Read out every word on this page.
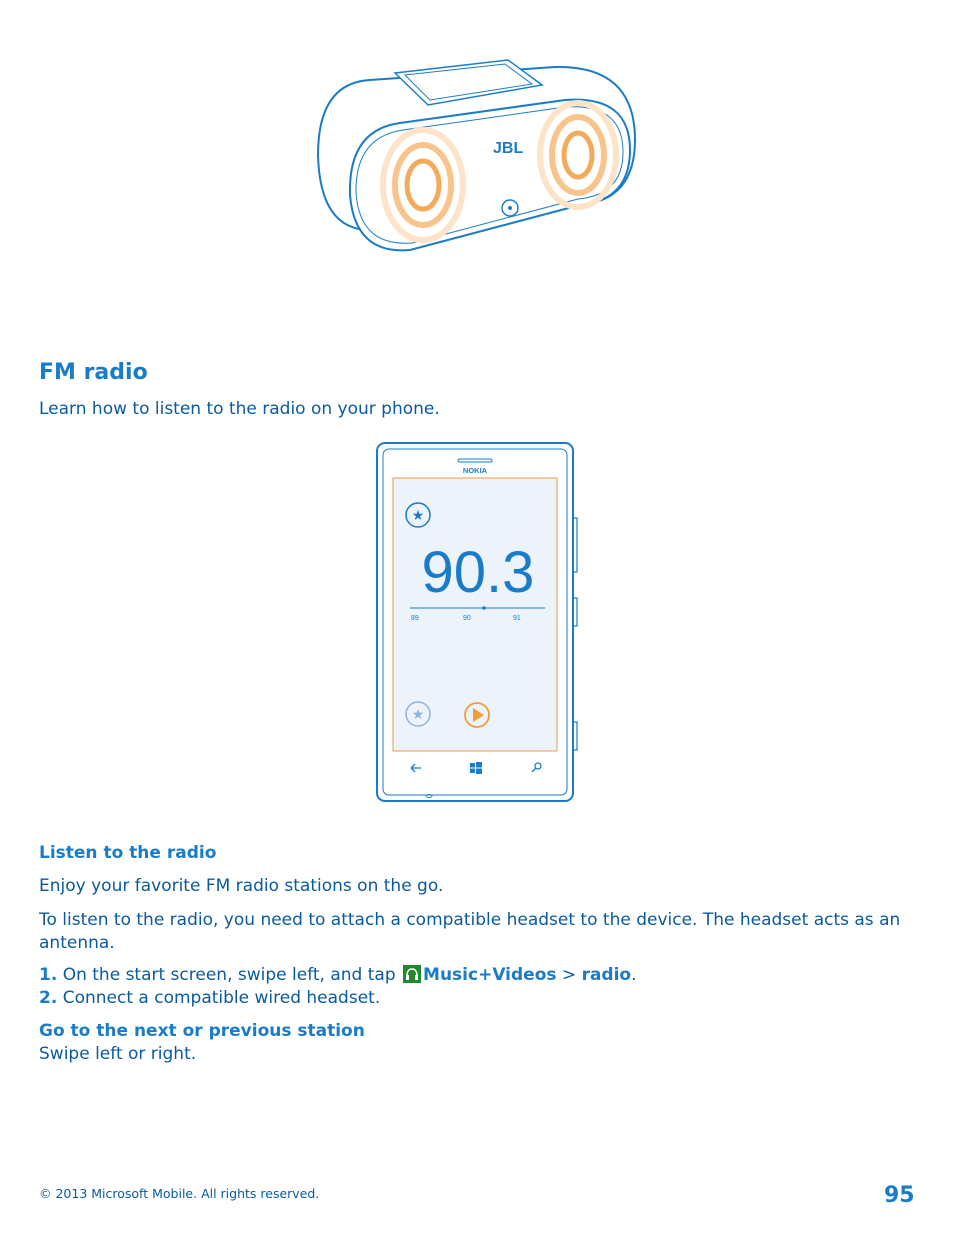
JBL
FM radio
Learn how to listen to the radio on your phone.
NOKIA
★
90.3
89	90	91
★
Listen to the radio
Enjoy your favorite FM radio stations on the go.
To listen to the radio, you need to attach a compatible headset to the device. The headset acts as an antenna.
1. On the start screen, swipe left, and tap Music+Videos > radio.
2. Connect a compatible wired headset.
Go to the next or previous station
Swipe left or right.
© 2013 Microsoft Mobile. All rights reserved.	95
